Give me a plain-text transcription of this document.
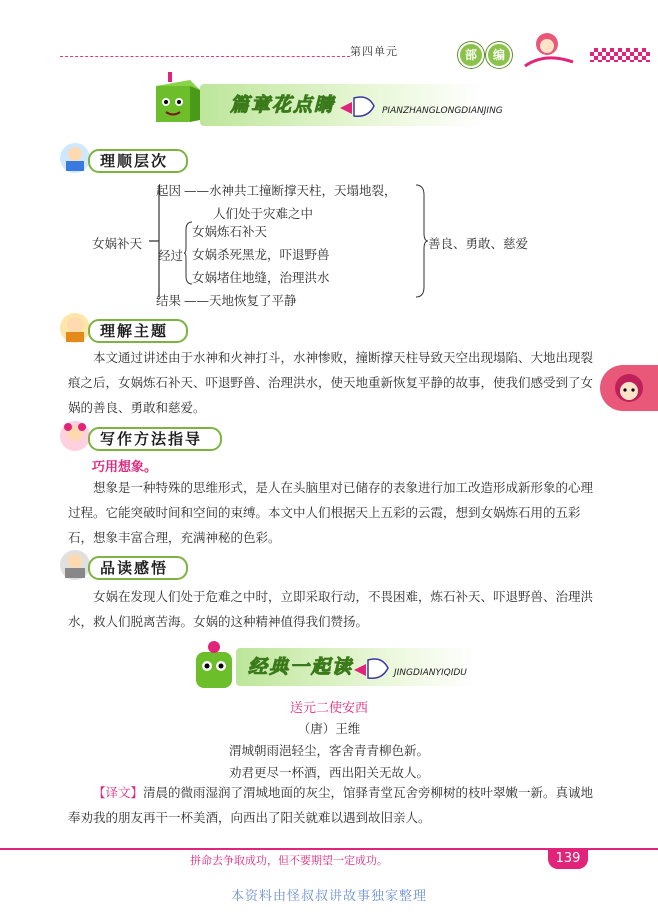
第四单元	部	编
篇章花点睛	PIANZHANGLONGDIANJING
理顺层次
女娲补天
起因 ——水神共工撞断撑天柱，天塌地裂，
人们处于灾难之中
经过
女娲炼石补天
女娲杀死黑龙，吓退野兽
女娲堵住地缝，治理洪水
结果 ——天地恢复了平静
善良、勇敢、慈爱
理解主题
本文通过讲述由于水神和火神打斗，水神惨败，撞断撑天柱导致天空出现塌陷、大地出现裂痕之后，女娲炼石补天、吓退野兽、治理洪水，使天地重新恢复平静的故事，使我们感受到了女娲的善良、勇敢和慈爱。
写作方法指导
巧用想象。
想象是一种特殊的思维形式，是人在头脑里对已储存的表象进行加工改造形成新形象的心理过程。它能突破时间和空间的束缚。本文中人们根据天上五彩的云霞，想到女娲炼石用的五彩石，想象丰富合理，充满神秘的色彩。
品读感悟
女娲在发现人们处于危难之中时，立即采取行动，不畏困难，炼石补天、吓退野兽、治理洪水，救人们脱离苦海。女娲的这种精神值得我们赞扬。
经典一起读	JINGDIANYIQIDU
送元二使安西
（唐）王维
渭城朝雨浥轻尘，客舍青青柳色新。
劝君更尽一杯酒，西出阳关无故人。
【译文】清晨的微雨湿润了渭城地面的灰尘，馆驿青堂瓦舍旁柳树的枝叶翠嫩一新。真诚地奉劝我的朋友再干一杯美酒，向西出了阳关就难以遇到故旧亲人。
拼命去争取成功，但不要期望一定成功。	139
本资料由怪叔叔讲故事独家整理
